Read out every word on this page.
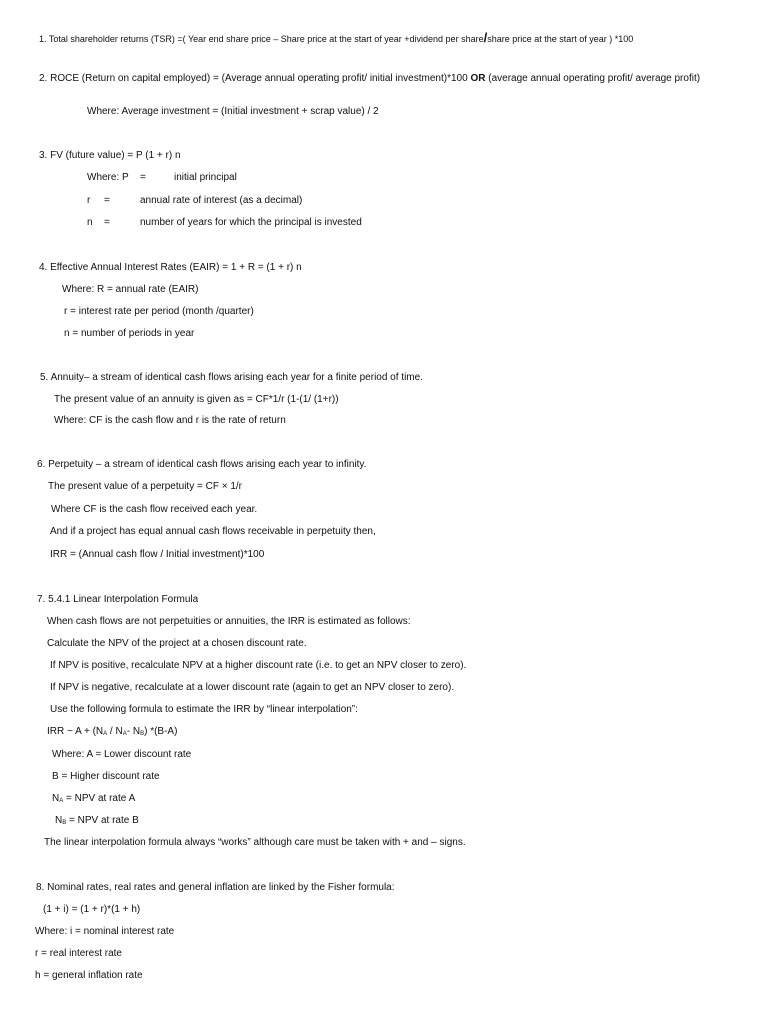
1. Total shareholder returns (TSR) =( Year end share price – Share price at the start of year +dividend per share/share price at the start of year ) *100
2. ROCE (Return on capital employed) = (Average annual operating profit/ initial investment)*100 OR (average annual operating profit/ average profit)
Where: Average investment = (Initial investment + scrap value) / 2
3. FV (future value) = P (1 + r) n
Where: P =	initial principal
r =	annual rate of interest (as a decimal)
n =	number of years for which the principal is invested
4. Effective Annual Interest Rates (EAIR) = 1 + R = (1 + r) n
Where: R = annual rate (EAIR)
r = interest rate per period (month /quarter)
n = number of periods in year
5. Annuity– a stream of identical cash flows arising each year for a finite period of time.
The present value of an annuity is given as = CF*1/r (1-(1/ (1+r))
Where: CF is the cash flow and r is the rate of return
6. Perpetuity – a stream of identical cash flows arising each year to infinity.
The present value of a perpetuity = CF × 1/r
Where CF is the cash flow received each year.
And if a project has equal annual cash flows receivable in perpetuity then,
IRR = (Annual cash flow / Initial investment)*100
7. 5.4.1 Linear Interpolation Formula
When cash flows are not perpetuities or annuities, the IRR is estimated as follows:
Calculate the NPV of the project at a chosen discount rate.
If NPV is positive, recalculate NPV at a higher discount rate (i.e. to get an NPV closer to zero).
If NPV is negative, recalculate at a lower discount rate (again to get an NPV closer to zero).
Use the following formula to estimate the IRR by “linear interpolation”:
IRR ~ $A + (N_A / N_A-$ $N_B$) *(B-A)
Where: A = Lower discount rate
B = Higher discount rate
$N_A$ = NPV at rate A
$N_B$ = NPV at rate B
The linear interpolation formula always “works” although care must be taken with + and – signs.
8. Nominal rates, real rates and general inflation are linked by the Fisher formula:
(1 + i) = (1 + r)*(1 + h)
Where: i = nominal interest rate
r = real interest rate
h = general inflation rate
